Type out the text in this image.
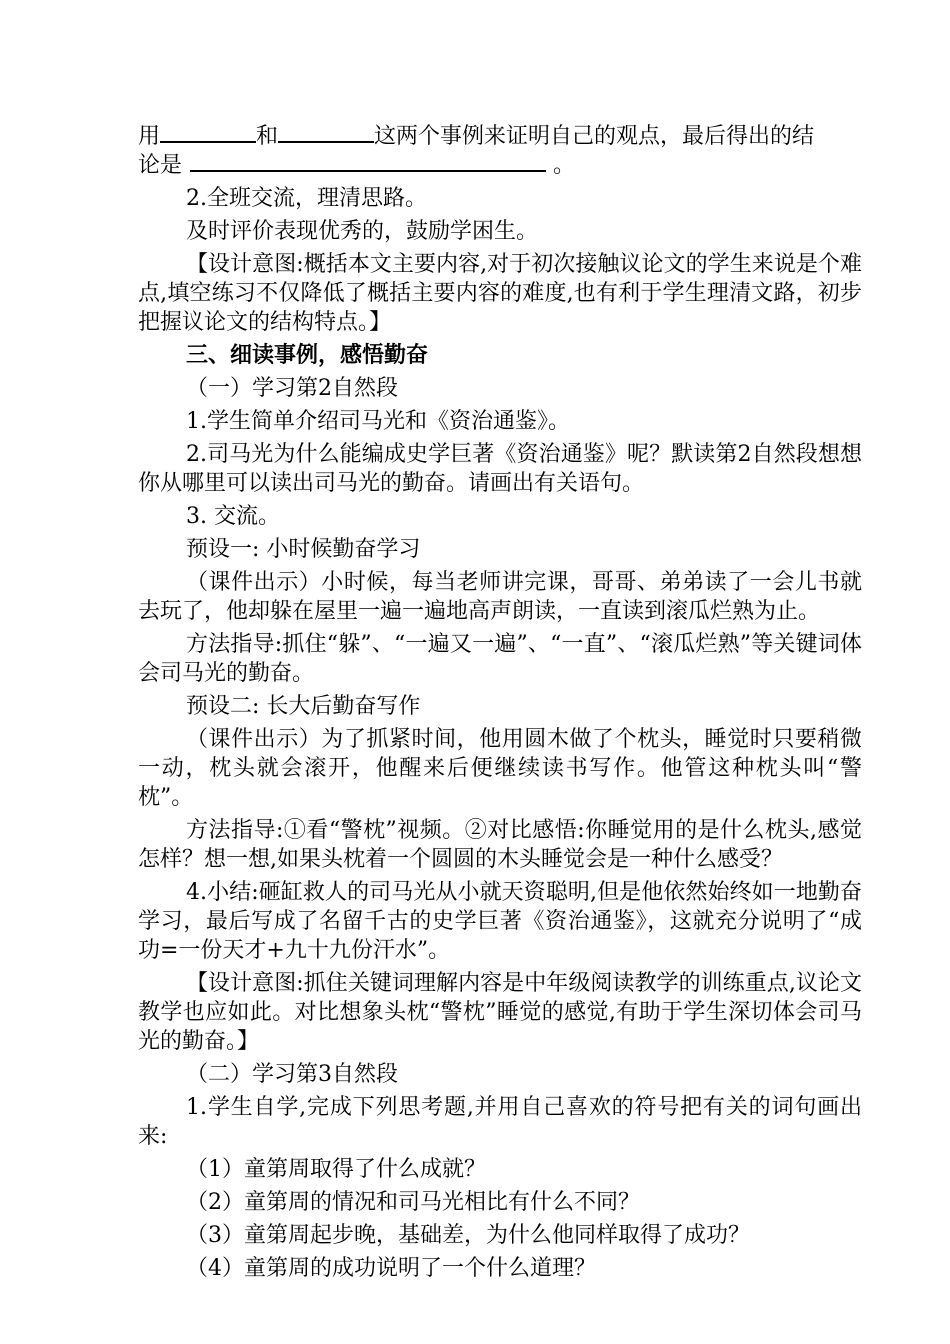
用	和	这两个事例来证明自己的观点，最后得出的结

论是	。

2.全班交流，理清思路。

及时评价表现优秀的，鼓励学困生。

【设计意图:概括本文主要内容,对于初次接触议论文的学生来说是个难点,填空练习不仅降低了概括主要内容的难度,也有利于学生理清文路，初步把握议论文的结构特点。】

三、细读事例，感悟勤奋

（一）学习第2自然段

1.学生简单介绍司马光和《资治通鉴》。

2.司马光为什么能编成史学巨著《资治通鉴》呢？默读第2自然段想想你从哪里可以读出司马光的勤奋。请画出有关语句。

3. 交流。

预设一: 小时候勤奋学习

（课件出示）小时候，每当老师讲完课，哥哥、弟弟读了一会儿书就去玩了，他却躲在屋里一遍一遍地高声朗读，一直读到滚瓜烂熟为止。

方法指导:抓住“躲”、“一遍又一遍”、“一直”、“滚瓜烂熟”等关键词体会司马光的勤奋。

预设二: 长大后勤奋写作

（课件出示）为了抓紧时间，他用圆木做了个枕头，睡觉时只要稍微一动，枕头就会滚开，他醒来后便继续读书写作。他管这种枕头叫“警枕”。

方法指导:①看“警枕”视频。②对比感悟:你睡觉用的是什么枕头,感觉怎样？想一想,如果头枕着一个圆圆的木头睡觉会是一种什么感受？

4.小结:砸缸救人的司马光从小就天资聪明,但是他依然始终如一地勤奋学习，最后写成了名留千古的史学巨著《资治通鉴》，这就充分说明了“成功=一份天才+九十九份汗水”。

【设计意图:抓住关键词理解内容是中年级阅读教学的训练重点,议论文教学也应如此。对比想象头枕“警枕”睡觉的感觉,有助于学生深切体会司马光的勤奋。】

（二）学习第3自然段

1.学生自学,完成下列思考题,并用自己喜欢的符号把有关的词句画出来:

（1）童第周取得了什么成就？

（2）童第周的情况和司马光相比有什么不同？

（3）童第周起步晚，基础差，为什么他同样取得了成功？

（4）童第周的成功说明了一个什么道理？
